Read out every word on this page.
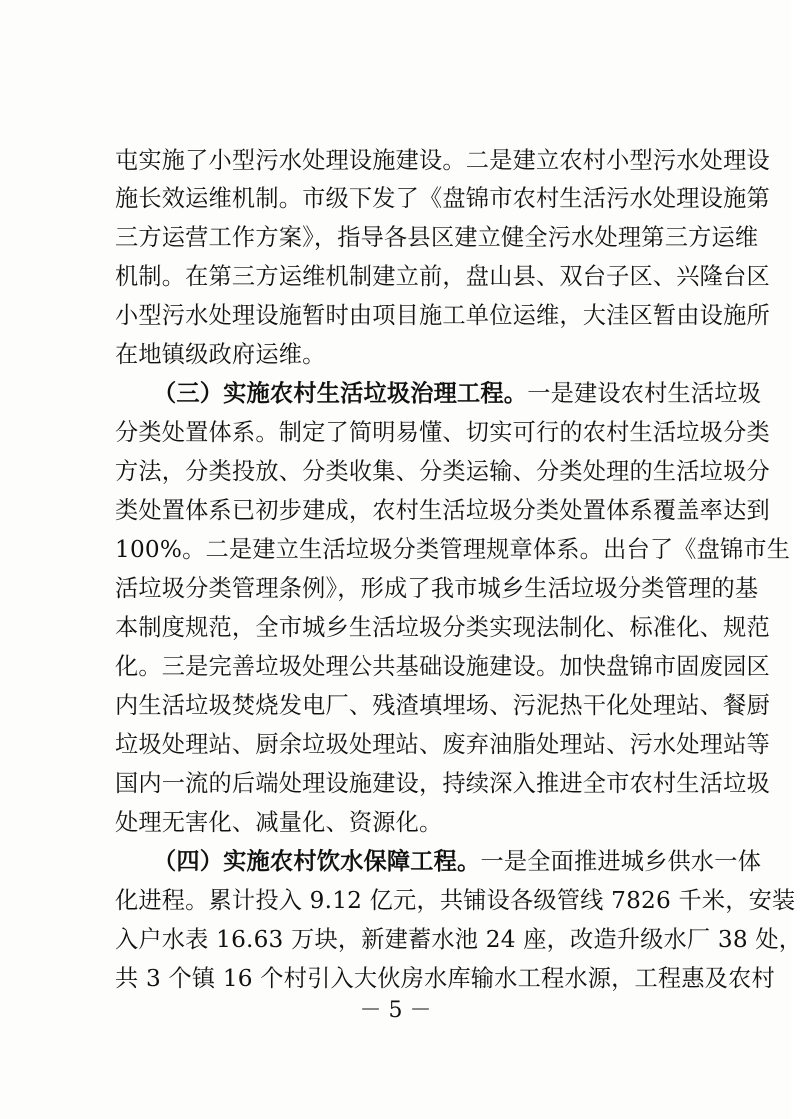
屯实施了小型污水处理设施建设。二是建立农村小型污水处理设
施长效运维机制。市级下发了《盘锦市农村生活污水处理设施第
三方运营工作方案》，指导各县区建立健全污水处理第三方运维
机制。在第三方运维机制建立前，盘山县、双台子区、兴隆台区
小型污水处理设施暂时由项目施工单位运维，大洼区暂由设施所
在地镇级政府运维。
（三）实施农村生活垃圾治理工程。一是建设农村生活垃圾
分类处置体系。制定了简明易懂、切实可行的农村生活垃圾分类
方法，分类投放、分类收集、分类运输、分类处理的生活垃圾分
类处置体系已初步建成，农村生活垃圾分类处置体系覆盖率达到
100%。二是建立生活垃圾分类管理规章体系。出台了《盘锦市生
活垃圾分类管理条例》，形成了我市城乡生活垃圾分类管理的基
本制度规范，全市城乡生活垃圾分类实现法制化、标准化、规范
化。三是完善垃圾处理公共基础设施建设。加快盘锦市固废园区
内生活垃圾焚烧发电厂、残渣填埋场、污泥热干化处理站、餐厨
垃圾处理站、厨余垃圾处理站、废弃油脂处理站、污水处理站等
国内一流的后端处理设施建设，持续深入推进全市农村生活垃圾
处理无害化、减量化、资源化。
（四）实施农村饮水保障工程。一是全面推进城乡供水一体
化进程。累计投入 9.12 亿元，共铺设各级管线 7826 千米，安装
入户水表 16.63 万块，新建蓄水池 24 座，改造升级水厂 38 处，
共 3 个镇 16 个村引入大伙房水库输水工程水源，工程惠及农村
－ 5 －
